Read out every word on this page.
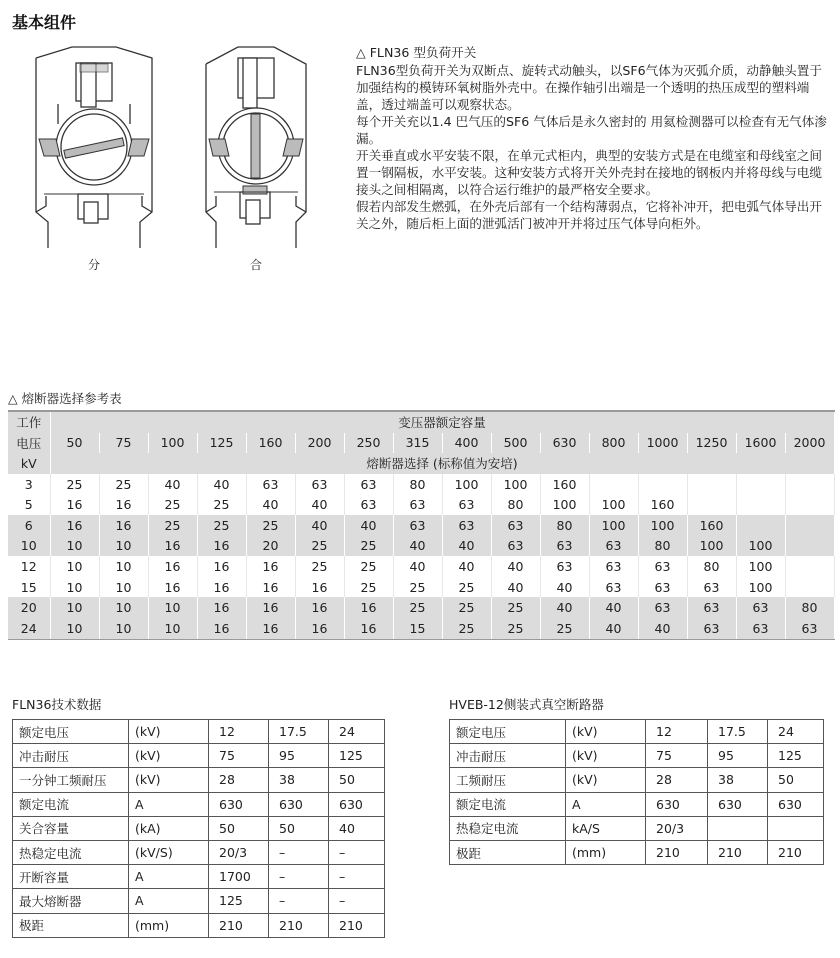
基本组件
分	合

△ FLN36 型负荷开关

FLN36型负荷开关为双断点、旋转式动触头，以SF6气体为灭弧介质，动静触头置于加强结构的模铸环氧树脂外壳中。在操作轴引出端是一个透明的热压成型的塑料端盖，透过端盖可以观察状态。

每个开关充以1.4 巴气压的SF6 气体后是永久密封的 用氦检测器可以检查有无气体渗漏。

开关垂直或水平安装不限，在单元式柜内，典型的安装方式是在电缆室和母线室之间置一钢隔板，水平安装。这种安装方式将开关外壳封在接地的钢板内并将母线与电缆接头之间相隔离，以符合运行维护的最严格安全要求。

假若内部发生燃弧，在外壳后部有一个结构薄弱点，它将补冲开，把电弧气体导出开关之外，随后柜上面的泄弧活门被冲开并将过压气体导向柜外。

△ 熔断器选择参考表
工作	变压器额定容量															
电压	50	75	100	125	160	200	250	315	400	500	630	800	1000	1250	1600	2000
kV	熔断器选择 (标称值为安培)															
3	25	25	40	40	63	63	63	80	100	100	160					
5	16	16	25	25	40	40	63	63	63	80	100	100	160			
6	16	16	25	25	25	40	40	63	63	63	80	100	100	160		
10	10	10	16	16	20	25	25	40	40	63	63	63	80	100	100	
12	10	10	16	16	16	25	25	40	40	40	63	63	63	80	100	
15	10	10	16	16	16	16	25	25	25	40	40	63	63	63	100	
20	10	10	10	16	16	16	16	25	25	25	40	40	63	63	63	80
24	10	10	10	16	16	16	16	15	25	25	25	40	40	63	63	63
FLN36技术数据
额定电压	(kV)	12	17.5	24
冲击耐压	(kV)	75	95	125
一分钟工频耐压	(kV)	28	38	50
额定电流	A	630	630	630
关合容量	(kA)	50	50	40
热稳定电流	(kV/S)	20/3	–	–
开断容量	A	1700	–	–
最大熔断器	A	125	–	–
极距	(mm)	210	210	210
HVEB-12侧装式真空断路器
额定电压	(kV)	12	17.5	24
冲击耐压	(kV)	75	95	125
工频耐压	(kV)	28	38	50
额定电流	A	630	630	630
热稳定电流	kA/S	20/3		
极距	(mm)	210	210	210
